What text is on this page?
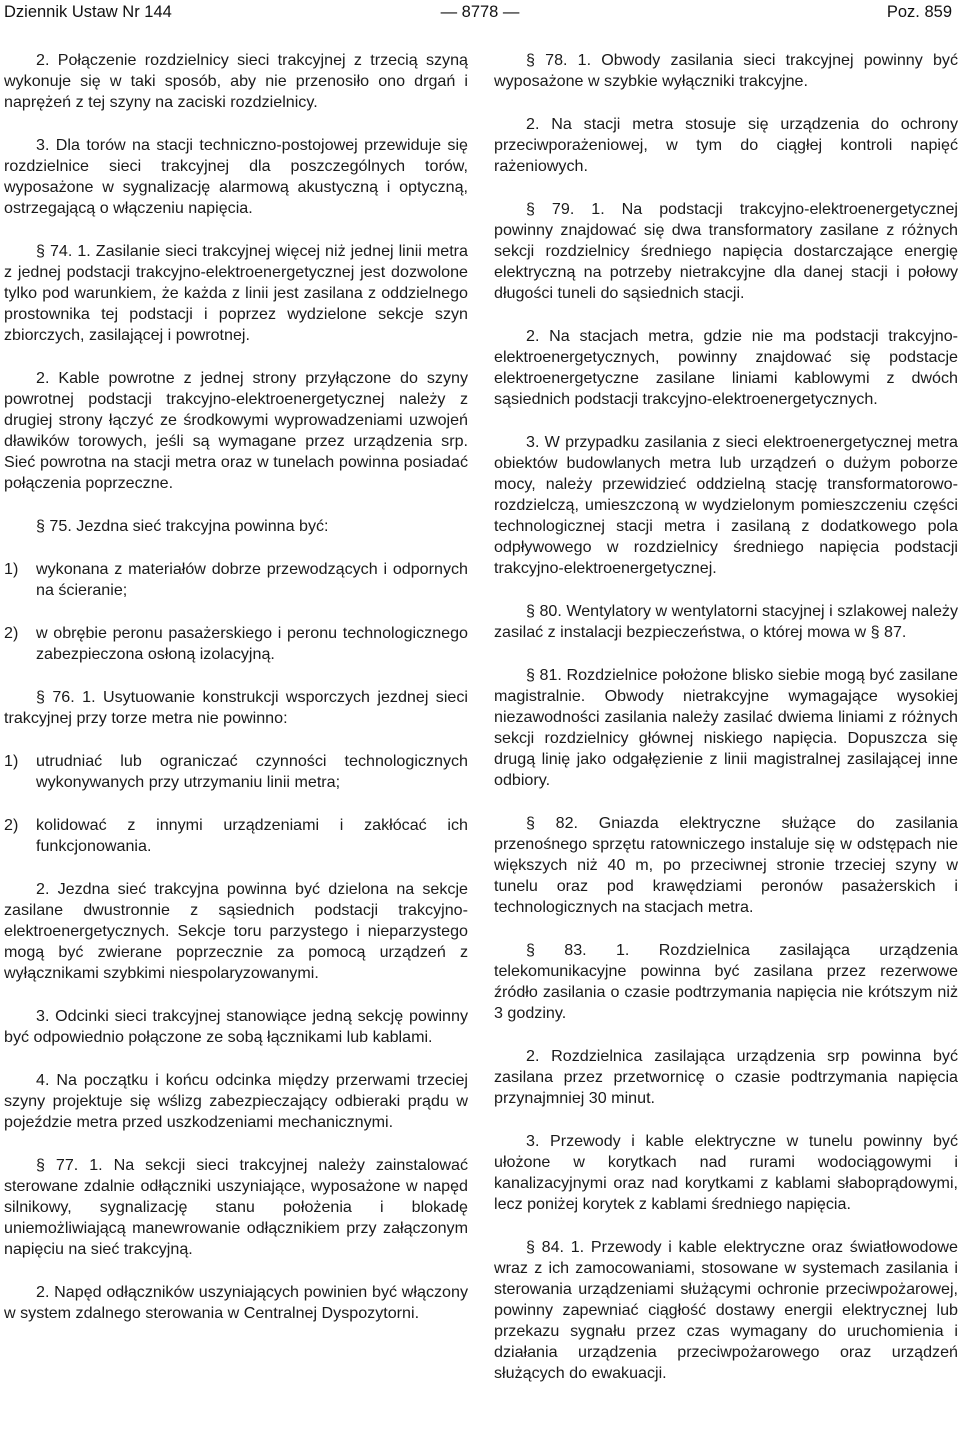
Dziennik Ustaw Nr 144	— 8778 —	Poz. 859

2. Połączenie rozdzielnicy sieci trakcyjnej z trzecią szyną wykonuje się w taki sposób, aby nie przenosiło ono drgań i naprężeń z tej szyny na zaciski rozdzielnicy.

3. Dla torów na stacji techniczno-postojowej przewiduje się rozdzielnice sieci trakcyjnej dla poszczególnych torów, wyposażone w sygnalizację alarmową akustyczną i optyczną, ostrzegającą o włączeniu napięcia.

§ 74. 1. Zasilanie sieci trakcyjnej więcej niż jednej linii metra z jednej podstacji trakcyjno-elektroenergetycznej jest dozwolone tylko pod warunkiem, że każda z linii jest zasilana z oddzielnego prostownika tej podstacji i poprzez wydzielone sekcje szyn zbiorczych, zasilającej i powrotnej.

2. Kable powrotne z jednej strony przyłączone do szyny powrotnej podstacji trakcyjno-elektroenergetycznej należy z drugiej strony łączyć ze środkowymi wyprowadzeniami uzwojeń dławików torowych, jeśli są wymagane przez urządzenia srp. Sieć powrotna na stacji metra oraz w tunelach powinna posiadać połączenia poprzeczne.

§ 75. Jezdna sieć trakcyjna powinna być:

1) wykonana z materiałów dobrze przewodzących i odpornych na ścieranie;

2) w obrębie peronu pasażerskiego i peronu technologicznego zabezpieczona osłoną izolacyjną.

§ 76. 1. Usytuowanie konstrukcji wsporczych jezdnej sieci trakcyjnej przy torze metra nie powinno:

1) utrudniać lub ograniczać czynności technologicznych wykonywanych przy utrzymaniu linii metra;

2) kolidować z innymi urządzeniami i zakłócać ich funkcjonowania.

2. Jezdna sieć trakcyjna powinna być dzielona na sekcje zasilane dwustronnie z sąsiednich podstacji trakcyjno-elektroenergetycznych. Sekcje toru parzystego i nieparzystego mogą być zwierane poprzecznie za pomocą urządzeń z wyłącznikami szybkimi niespolaryzowanymi.

3. Odcinki sieci trakcyjnej stanowiące jedną sekcję powinny być odpowiednio połączone ze sobą łącznikami lub kablami.

4. Na początku i końcu odcinka między przerwami trzeciej szyny projektuje się wślizg zabezpieczający odbieraki prądu w pojeździe metra przed uszkodzeniami mechanicznymi.

§ 77. 1. Na sekcji sieci trakcyjnej należy zainstalować sterowane zdalnie odłączniki uszyniające, wyposażone w napęd silnikowy, sygnalizację stanu położenia i blokadę uniemożliwiającą manewrowanie odłącznikiem przy załączonym napięciu na sieć trakcyjną.

2. Napęd odłączników uszyniających powinien być włączony w system zdalnego sterowania w Centralnej Dyspozytorni.

§ 78. 1. Obwody zasilania sieci trakcyjnej powinny być wyposażone w szybkie wyłączniki trakcyjne.

2. Na stacji metra stosuje się urządzenia do ochrony przeciwporażeniowej, w tym do ciągłej kontroli napięć rażeniowych.

§ 79. 1. Na podstacji trakcyjno-elektroenergetycznej powinny znajdować się dwa transformatory zasilane z różnych sekcji rozdzielnicy średniego napięcia dostarczające energię elektryczną na potrzeby nietrakcyjne dla danej stacji i połowy długości tuneli do sąsiednich stacji.

2. Na stacjach metra, gdzie nie ma podstacji trakcyjno-elektroenergetycznych, powinny znajdować się podstacje elektroenergetyczne zasilane liniami kablowymi z dwóch sąsiednich podstacji trakcyjno-elektroenergetycznych.

3. W przypadku zasilania z sieci elektroenergetycznej metra obiektów budowlanych metra lub urządzeń o dużym poborze mocy, należy przewidzieć oddzielną stację transformatorowo-rozdzielczą, umieszczoną w wydzielonym pomieszczeniu części technologicznej stacji metra i zasilaną z dodatkowego pola odpływowego w rozdzielnicy średniego napięcia podstacji trakcyjno-elektroenergetycznej.

§ 80. Wentylatory w wentylatorni stacyjnej i szlakowej należy zasilać z instalacji bezpieczeństwa, o której mowa w § 87.

§ 81. Rozdzielnice położone blisko siebie mogą być zasilane magistralnie. Obwody nietrakcyjne wymagające wysokiej niezawodności zasilania należy zasilać dwiema liniami z różnych sekcji rozdzielnicy głównej niskiego napięcia. Dopuszcza się drugą linię jako odgałęzienie z linii magistralnej zasilającej inne odbiory.

§ 82. Gniazda elektryczne służące do zasilania przenośnego sprzętu ratowniczego instaluje się w odstępach nie większych niż 40 m, po przeciwnej stronie trzeciej szyny w tunelu oraz pod krawędziami peronów pasażerskich i technologicznych na stacjach metra.

§ 83. 1. Rozdzielnica zasilająca urządzenia telekomunikacyjne powinna być zasilana przez rezerwowe źródło zasilania o czasie podtrzymania napięcia nie krótszym niż 3 godziny.

2. Rozdzielnica zasilająca urządzenia srp powinna być zasilana przez przetwornicę o czasie podtrzymania napięcia przynajmniej 30 minut.

3. Przewody i kable elektryczne w tunelu powinny być ułożone w korytkach nad rurami wodociągowymi i kanalizacyjnymi oraz nad korytkami z kablami słaboprądowymi, lecz poniżej korytek z kablami średniego napięcia.

§ 84. 1. Przewody i kable elektryczne oraz światłowodowe wraz z ich zamocowaniami, stosowane w systemach zasilania i sterowania urządzeniami służącymi ochronie przeciwpożarowej, powinny zapewniać ciągłość dostawy energii elektrycznej lub przekazu sygnału przez czas wymagany do uruchomienia i działania urządzenia przeciwpożarowego oraz urządzeń służących do ewakuacji.
